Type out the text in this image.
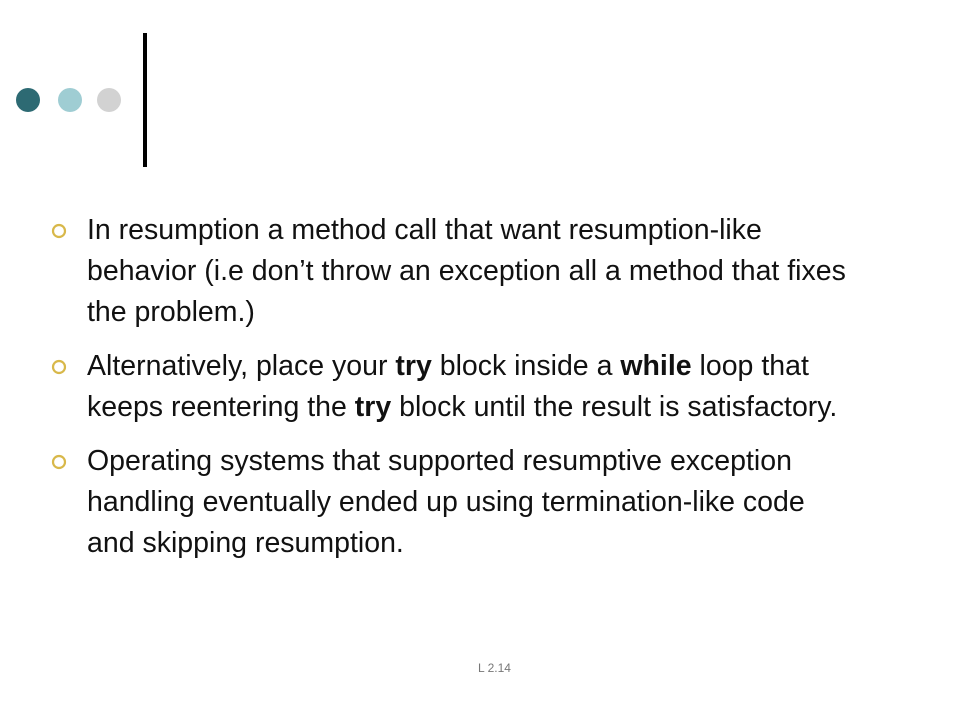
In resumption a method call that want resumption-like behavior (i.e don’t throw an exception all a method that fixes the problem.)
Alternatively, place your try block inside a while loop that keeps reentering the try block until the result is satisfactory.
Operating systems that supported resumptive exception handling eventually ended up using termination-like code and skipping resumption.
L 2.14
